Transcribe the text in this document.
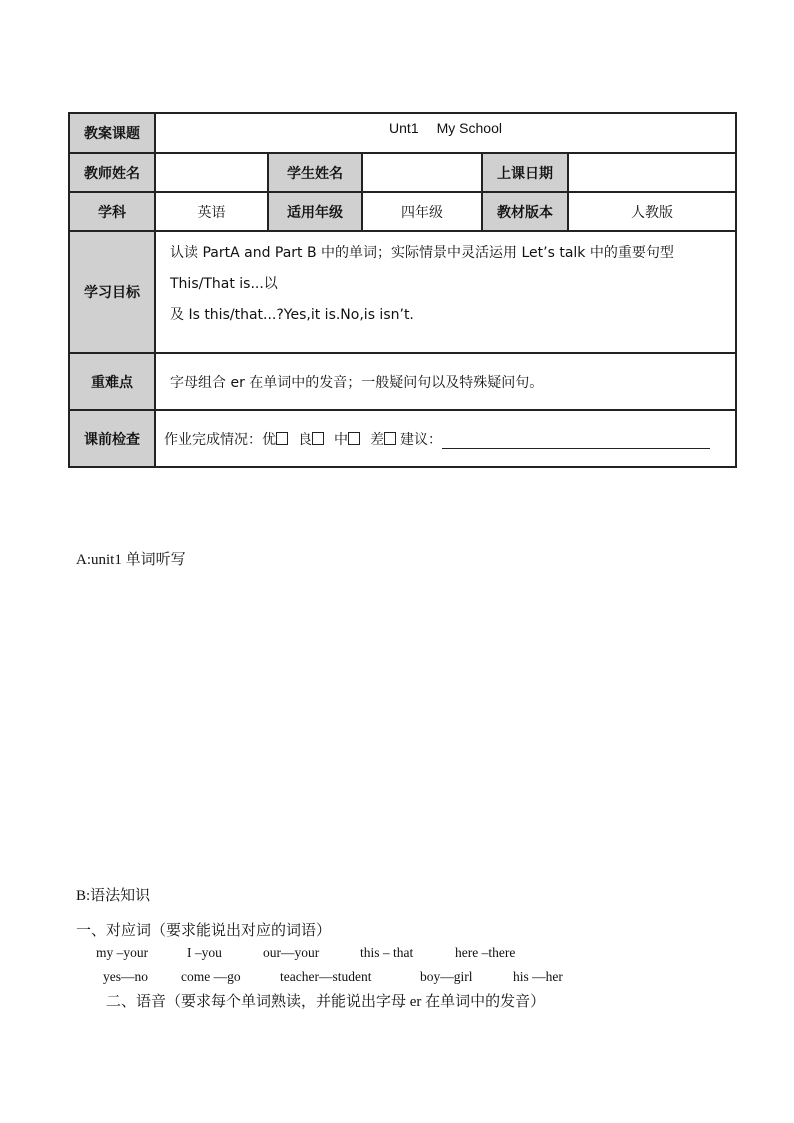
教案课题	Unt1 My School				
教师姓名		学生姓名		上课日期	
学科	英语	适用年级	四年级	教材版本	人教版
学习目标	认读 PartA and Part B 中的单词；实际情景中灵活运用 Let’s talk 中的重要句型 This/That is...以
及 Is this/that...?Yes,it is.No,is isn’t.				

重难点	字母组合 er 在单词中的发音；一般疑问句以及特殊疑问句。				
课前检查	作业完成情况：优 良 中 差 建议：				
A:unit1 单词听写
B:语法知识
一、对应词（要求能说出对应的词语）
my –your	I –you	our—your	this – that	here –there
yes—no come —go	teacher—student	boy—girl	his —her
二、语音（要求每个单词熟读，并能说出字母 er 在单词中的发音）
